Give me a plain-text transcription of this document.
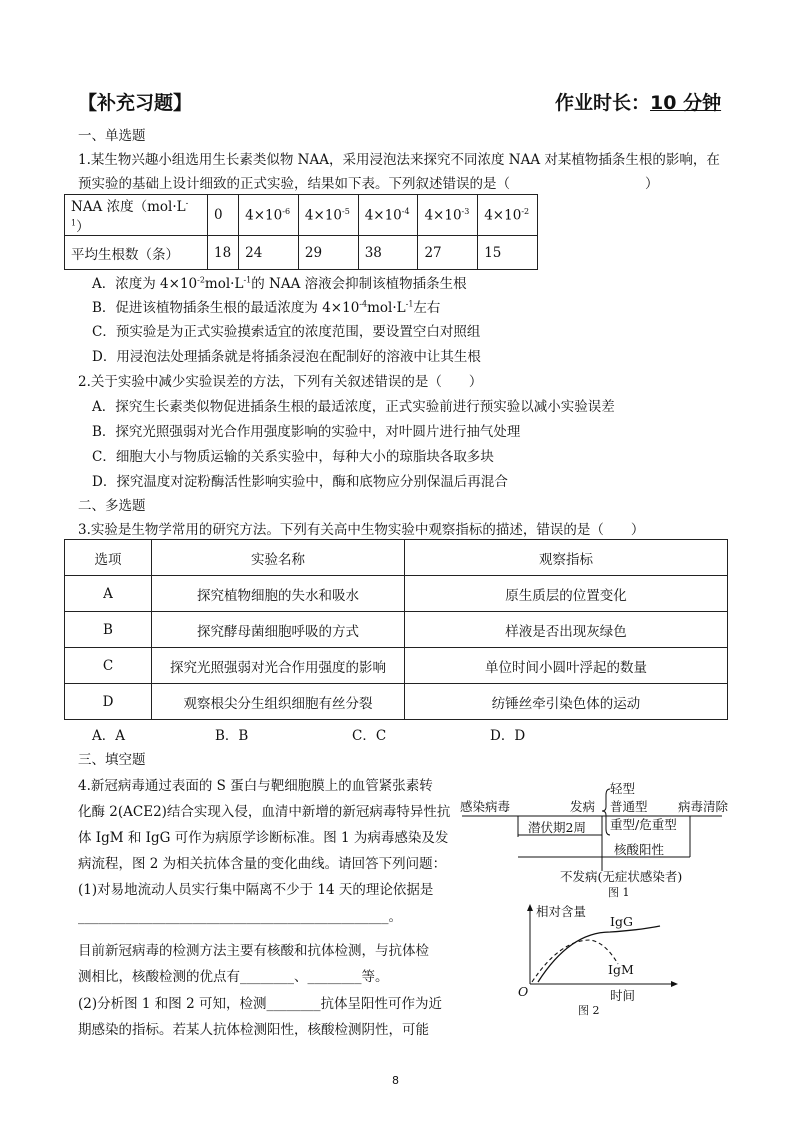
【补充习题】	作业时长：10 分钟
一、单选题
1.某生物兴趣小组选用生长素类似物 NAA，采用浸泡法来探究不同浓度 NAA 对某植物插条生根的影响，在
预实验的基础上设计细致的正式实验，结果如下表。下列叙述错误的是（　　　　　　　　　　）
NAA 浓度$(mol\cdot L^{-1})$	0	$4\times 10^{-6}$	$4\times 10^{-5}$	$4\times 10^{-4}$	$4\times 10^{-3}$	$4\times 10^{-2}$
平均生根数（条）	18	24	29	38	27	15
A．浓度为 $4\times 10^{-2}mol\cdot L^{-1}$的 NAA 溶液会抑制该植物插条生根
B．促进该植物插条生根的最适浓度为 $4\times 10^{-4}mol\cdot L^{-1}$左右
C．预实验是为正式实验摸索适宜的浓度范围，要设置空白对照组
D．用浸泡法处理插条就是将插条浸泡在配制好的溶液中让其生根
2.关于实验中减少实验误差的方法，下列有关叙述错误的是（　　）
A．探究生长素类似物促进插条生根的最适浓度，正式实验前进行预实验以减小实验误差
B．探究光照强弱对光合作用强度影响的实验中，对叶圆片进行抽气处理
C．细胞大小与物质运输的关系实验中，每种大小的琼脂块各取多块
D．探究温度对淀粉酶活性影响实验中，酶和底物应分别保温后再混合
二、多选题
3.实验是生物学常用的研究方法。下列有关高中生物实验中观察指标的描述，错误的是（　　）
选项	实验名称	观察指标
A	探究植物细胞的失水和吸水	原生质层的位置变化
B	探究酵母菌细胞呼吸的方式	样液是否出现灰绿色
C	探究光照强弱对光合作用强度的影响	单位时间小圆叶浮起的数量
D	观察根尖分生组织细胞有丝分裂	纺锤丝牵引染色体的运动
A．A	B．B	C．C	D．D
三、填空题
4.新冠病毒通过表面的 S 蛋白与靶细胞膜上的血管紧张素转
化酶 2(ACE2)结合实现入侵，血清中新增的新冠病毒特异性抗
体 IgM 和 IgG 可作为病原学诊断标准。图 1 为病毒感染及发
病流程，图 2 为相关抗体含量的变化曲线。请回答下列问题：
(1)对易地流动人员实行集中隔离不少于 14 天的理论依据是
______________________________________________。
目前新冠病毒的检测方法主要有核酸和抗体检测，与抗体检
测相比，核酸检测的优点有________、________等。
(2)分析图 1 和图 2 可知，检测________抗体呈阳性可作为近
期感染的指标。若某人抗体检测阳性，核酸检测阴性，可能
感染病毒	发病
轻型
普通型
重型/危重型
病毒清除
潜伏期2周
核酸阳性
不发病(无症状感染者)
图 1
相对含量
IgG
IgM
O	时间
图 2
8
